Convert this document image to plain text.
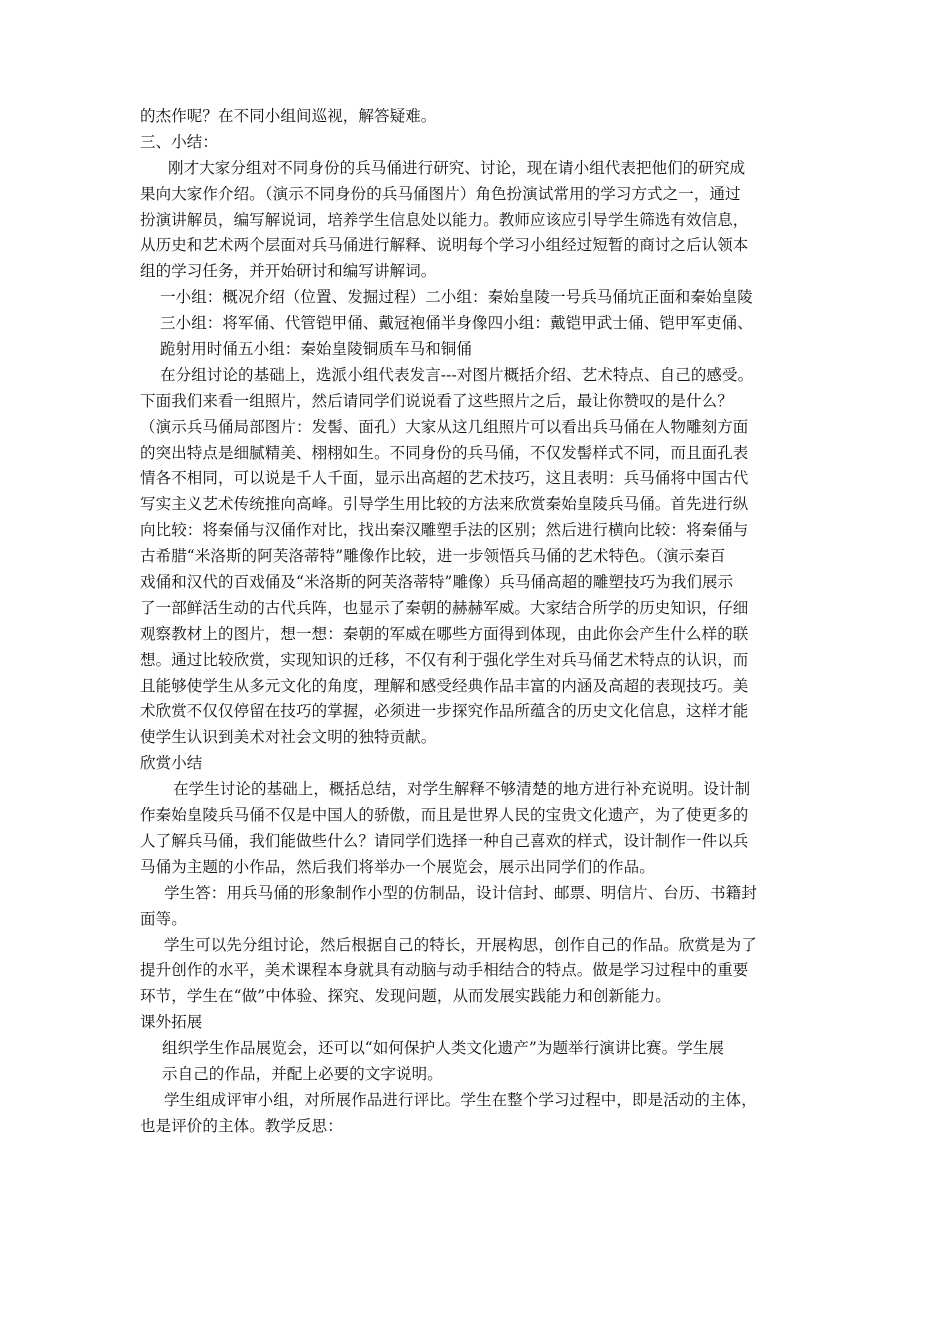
的杰作呢？在不同小组间巡视，解答疑难。
三、小结：
刚才大家分组对不同身份的兵马俑进行研究、讨论，现在请小组代表把他们的研究成
果向大家作介绍。（演示不同身份的兵马俑图片）角色扮演试常用的学习方式之一，通过
扮演讲解员，编写解说词，培养学生信息处以能力。教师应该应引导学生筛选有效信息，
从历史和艺术两个层面对兵马俑进行解释、说明每个学习小组经过短暂的商讨之后认领本
组的学习任务，并开始研讨和编写讲解词。
一小组：概况介绍（位置、发掘过程）二小组：秦始皇陵一号兵马俑坑正面和秦始皇陵
三小组：将军俑、代管铠甲俑、戴冠袍俑半身像四小组：戴铠甲武士俑、铠甲军吏俑、
跪射用时俑五小组：秦始皇陵铜质车马和铜俑
在分组讨论的基础上，选派小组代表发言---对图片概括介绍、艺术特点、自己的感受。
下面我们来看一组照片，然后请同学们说说看了这些照片之后，最让你赞叹的是什么？
（演示兵马俑局部图片：发髻、面孔）大家从这几组照片可以看出兵马俑在人物雕刻方面
的突出特点是细腻精美、栩栩如生。不同身份的兵马俑，不仅发髻样式不同，而且面孔表
情各不相同，可以说是千人千面，显示出高超的艺术技巧，这且表明：兵马俑将中国古代
写实主义艺术传统推向高峰。引导学生用比较的方法来欣赏秦始皇陵兵马俑。首先进行纵
向比较：将秦俑与汉俑作对比，找出秦汉雕塑手法的区别；然后进行横向比较：将秦俑与
古希腊“米洛斯的阿芙洛蒂特”雕像作比较，进一步领悟兵马俑的艺术特色。（演示秦百
戏俑和汉代的百戏俑及“米洛斯的阿芙洛蒂特”雕像）兵马俑高超的雕塑技巧为我们展示
了一部鲜活生动的古代兵阵，也显示了秦朝的赫赫军威。大家结合所学的历史知识，仔细
观察教材上的图片，想一想：秦朝的军威在哪些方面得到体现，由此你会产生什么样的联
想。通过比较欣赏，实现知识的迁移，不仅有利于强化学生对兵马俑艺术特点的认识，而
且能够使学生从多元文化的角度，理解和感受经典作品丰富的内涵及高超的表现技巧。美
术欣赏不仅仅停留在技巧的掌握，必须进一步探究作品所蕴含的历史文化信息，这样才能
使学生认识到美术对社会文明的独特贡献。
欣赏小结
在学生讨论的基础上，概括总结，对学生解释不够清楚的地方进行补充说明。设计制
作秦始皇陵兵马俑不仅是中国人的骄傲，而且是世界人民的宝贵文化遗产，为了使更多的
人了解兵马俑，我们能做些什么？请同学们选择一种自己喜欢的样式，设计制作一件以兵
马俑为主题的小作品，然后我们将举办一个展览会，展示出同学们的作品。
学生答：用兵马俑的形象制作小型的仿制品，设计信封、邮票、明信片、台历、书籍封
面等。
学生可以先分组讨论，然后根据自己的特长，开展构思，创作自己的作品。欣赏是为了
提升创作的水平，美术课程本身就具有动脑与动手相结合的特点。做是学习过程中的重要
环节，学生在“做”中体验、探究、发现问题，从而发展实践能力和创新能力。
课外拓展
组织学生作品展览会，还可以“如何保护人类文化遗产”为题举行演讲比赛。学生展
示自己的作品，并配上必要的文字说明。
学生组成评审小组，对所展作品进行评比。学生在整个学习过程中，即是活动的主体，
也是评价的主体。教学反思：
